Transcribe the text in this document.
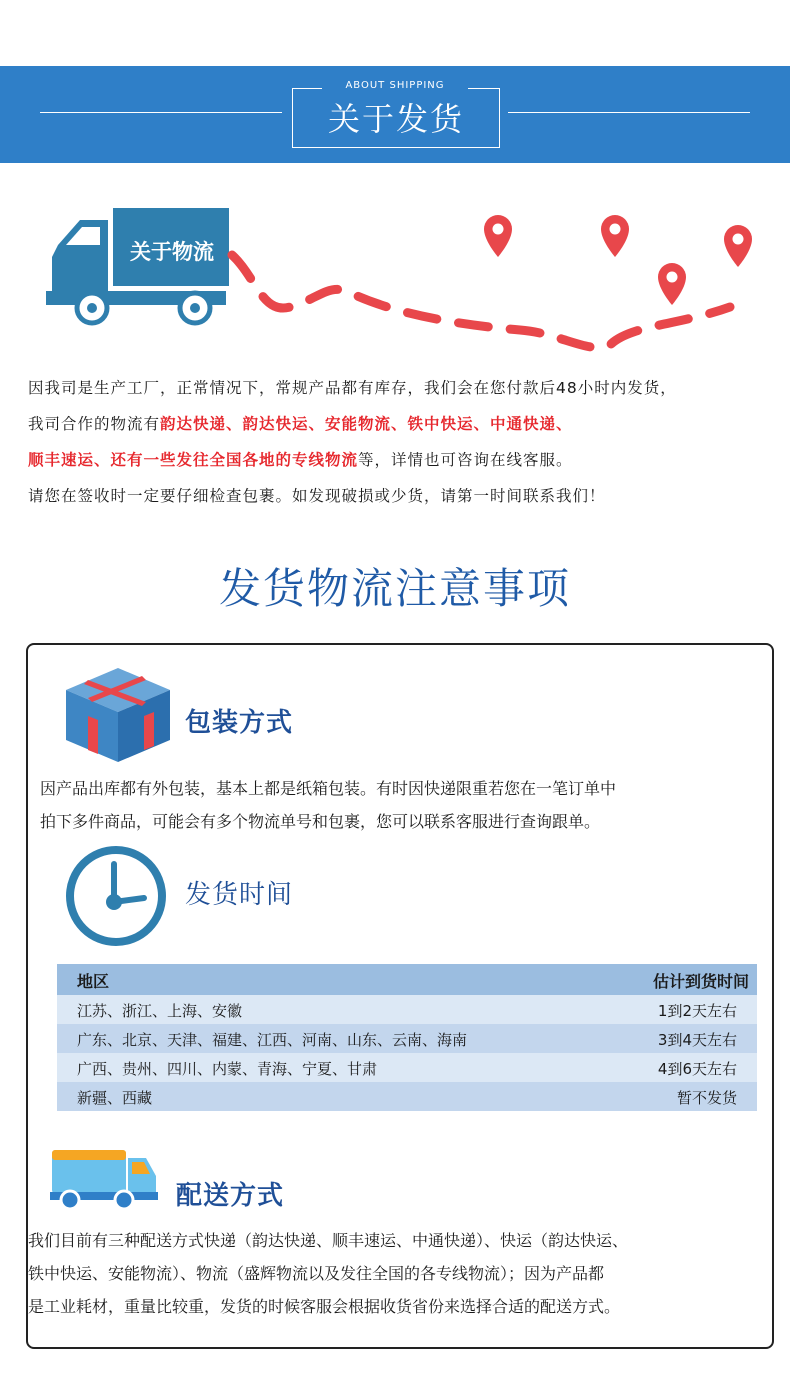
ABOUT SHIPPING
关于发货
关于物流
因我司是生产工厂，正常情况下，常规产品都有库存，我们会在您付款后48小时内发货，
我司合作的物流有韵达快递、韵达快运、安能物流、铁中快运、中通快递、
顺丰速运、还有一些发往全国各地的专线物流等，详情也可咨询在线客服。
请您在签收时一定要仔细检查包裹。如发现破损或少货，请第一时间联系我们！
发货物流注意事项
包装方式
因产品出库都有外包装，基本上都是纸箱包装。有时因快递限重若您在一笔订单中
拍下多件商品，可能会有多个物流单号和包裹，您可以联系客服进行查询跟单。
发货时间
地区	估计到货时间
江苏、浙江、上海、安徽	1到2天左右
广东、北京、天津、福建、江西、河南、山东、云南、海南	3到4天左右
广西、贵州、四川、内蒙、青海、宁夏、甘肃	4到6天左右
新疆、西藏	暂不发货
配送方式
我们目前有三种配送方式快递（韵达快递、顺丰速运、中通快递）、快运（韵达快运、
铁中快运、安能物流）、物流（盛辉物流以及发往全国的各专线物流）；因为产品都
是工业耗材，重量比较重，发货的时候客服会根据收货省份来选择合适的配送方式。
